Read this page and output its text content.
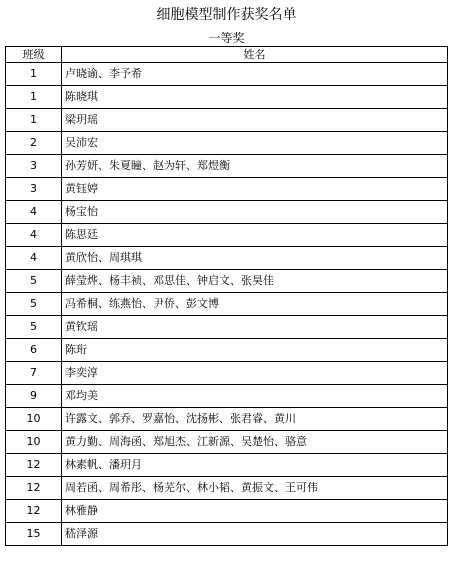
细胞模型制作获奖名单
一等奖
班级	姓名
1	卢晓谕、李予希
1	陈晓琪
1	梁玥瑶
2	吴沛宏
3	孙芳妍、朱夏瞳、赵为轩、郑煜衡
3	黄钰婷
4	杨宝怡
4	陈思廷
4	黄欣怡、周琪琪
5	薛莹烨、杨丰祯、邓思佳、钟启文、张昊佳
5	冯希桐、练燕怡、尹侨、彭文博
5	黄钦瑶
6	陈珩
7	李奕淳
9	邓均美
10	许露文、郭乔、罗嘉怡、沈扬彬、张君睿、黄川
10	黄力勤、周海函、郑旭杰、江新源、吴楚怡、骆意
12	林素帆、潘玥月
12	周若函、周希彤、杨芜尔、林小韬、黄振文、王可伟
12	林雅静
15	嵇泽源
